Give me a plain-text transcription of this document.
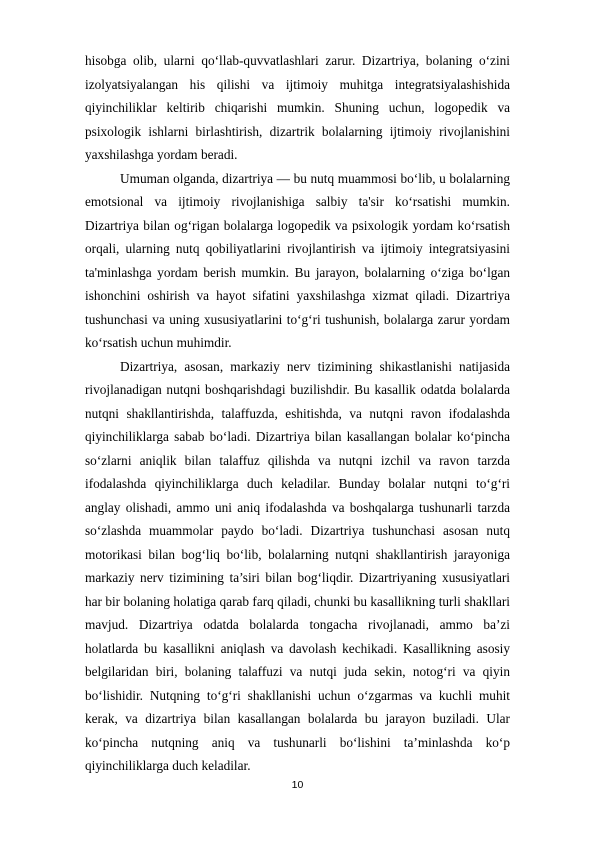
hisobga olib, ularni qo‘llab-quvvatlashlari zarur. Dizartriya, bolaning o‘zini izolyatsiyalangan his qilishi va ijtimoiy muhitga integratsiyalashishida qiyinchiliklar keltirib chiqarishi mumkin. Shuning uchun, logopedik va psixologik ishlarni birlashtirish, dizartrik bolalarning ijtimoiy rivojlanishini yaxshilashga yordam beradi.

Umuman olganda, dizartriya — bu nutq muammosi bo‘lib, u bolalarning emotsional va ijtimoiy rivojlanishiga salbiy ta'sir ko‘rsatishi mumkin. Dizartriya bilan og‘rigan bolalarga logopedik va psixologik yordam ko‘rsatish orqali, ularning nutq qobiliyatlarini rivojlantirish va ijtimoiy integratsiyasini ta'minlashga yordam berish mumkin. Bu jarayon, bolalarning o‘ziga bo‘lgan ishonchini oshirish va hayot sifatini yaxshilashga xizmat qiladi. Dizartriya tushunchasi va uning xususiyatlarini to‘g‘ri tushunish, bolalarga zarur yordam ko‘rsatish uchun muhimdir.

Dizartriya, asosan, markaziy nerv tizimining shikastlanishi natijasida rivojlanadigan nutqni boshqarishdagi buzilishdir. Bu kasallik odatda bolalarda nutqni shakllantirishda, talaffuzda, eshitishda, va nutqni ravon ifodalashda qiyinchiliklarga sabab bo‘ladi. Dizartriya bilan kasallangan bolalar ko‘pincha so‘zlarni aniqlik bilan talaffuz qilishda va nutqni izchil va ravon tarzda ifodalashda qiyinchiliklarga duch keladilar. Bunday bolalar nutqni to‘g‘ri anglay olishadi, ammo uni aniq ifodalashda va boshqalarga tushunarli tarzda so‘zlashda muammolar paydo bo‘ladi. Dizartriya tushunchasi asosan nutq motorikasi bilan bog‘liq bo‘lib, bolalarning nutqni shakllantirish jarayoniga markaziy nerv tizimining ta’siri bilan bog‘liqdir. Dizartriyaning xususiyatlari har bir bolaning holatiga qarab farq qiladi, chunki bu kasallikning turli shakllari mavjud. Dizartriya odatda bolalarda tongacha rivojlanadi, ammo ba’zi holatlarda bu kasallikni aniqlash va davolash kechikadi. Kasallikning asosiy belgilaridan biri, bolaning talaffuzi va nutqi juda sekin, notog‘ri va qiyin bo‘lishidir. Nutqning to‘g‘ri shakllanishi uchun o‘zgarmas va kuchli muhit kerak, va dizartriya bilan kasallangan bolalarda bu jarayon buziladi. Ular ko‘pincha nutqning aniq va tushunarli bo‘lishini ta’minlashda ko‘p qiyinchiliklarga duch keladilar.

10
